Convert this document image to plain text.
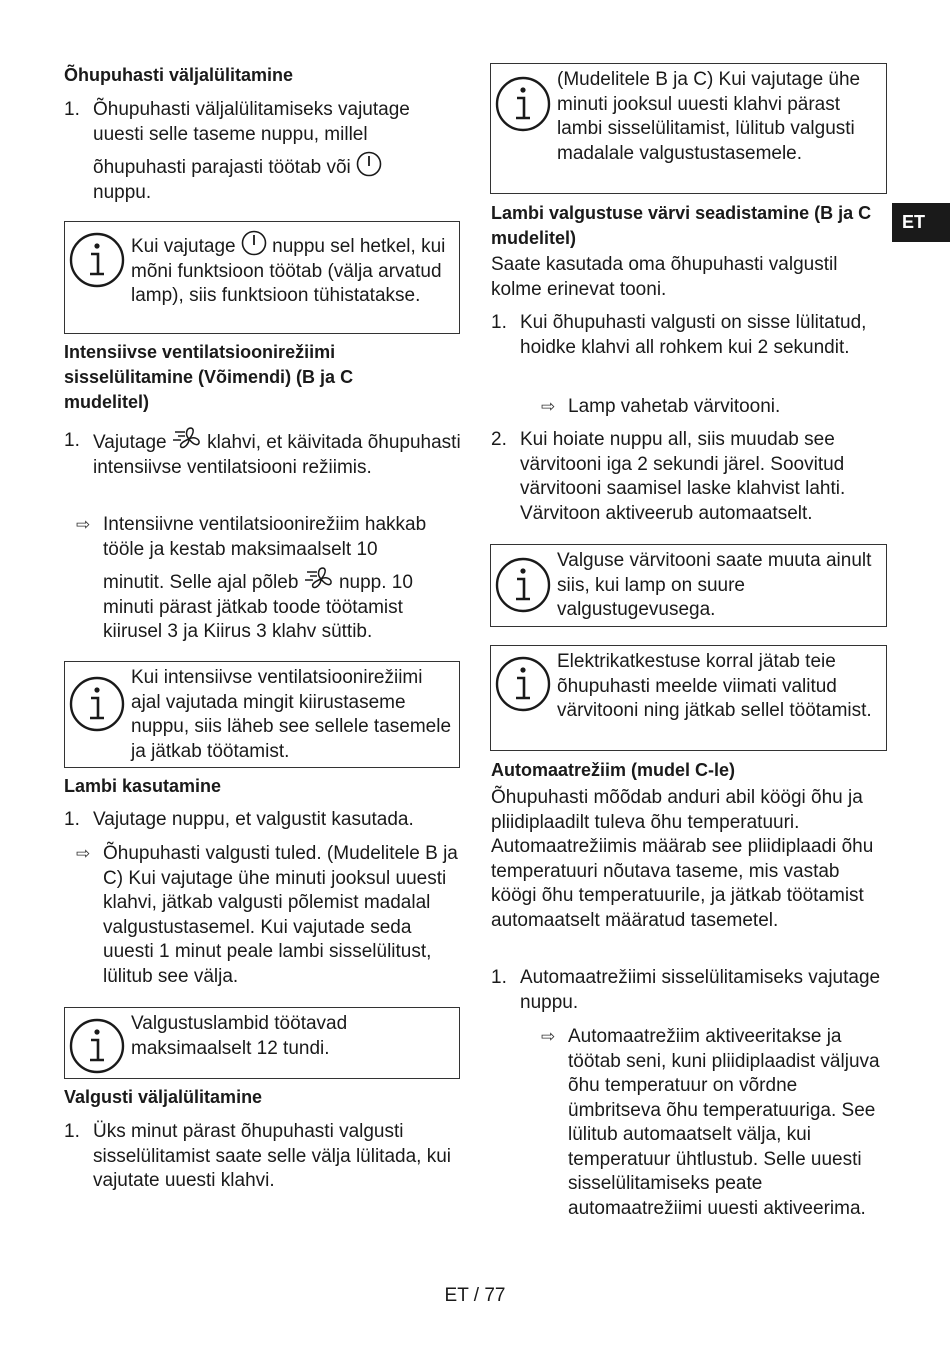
ET
Õhupuhasti väljalülitamine
1. Õhupuhasti väljalülitamiseks vajutage
uuesti selle taseme nuppu, millel
õhupuhasti parajasti töötab või
nuppu.
Kui vajutage nuppu sel hetkel, kui mõni funktsioon töötab (välja arvatud lamp), siis funktsioon tühistatakse.
Intensiivse ventilatsioonirežiimi sisselülitamine (Võimendi) (B ja C mudelitel)
1. Vajutage klahvi, et käivitada õhupuhasti intensiivse ventilatsiooni režiimis.
⇨ Intensiivne ventilatsioonirežiim hakkab
tööle ja kestab maksimaalselt 10
minutit. Selle ajal põleb nupp. 10
minuti pärast jätkab toode töötamist kiirusel 3 ja Kiirus 3 klahv süttib.
Kui intensiivse ventilatsioonirežiimi ajal vajutada mingit kiirustaseme nuppu, siis läheb see sellele tasemele ja jätkab töötamist.
Lambi kasutamine
1. Vajutage nuppu, et valgustit kasutada.
⇨ Õhupuhasti valgusti tuled. (Mudelitele B ja C) Kui vajutage ühe minuti jooksul uuesti klahvi, jätkab valgusti põlemist madalal valgustustasemel. Kui vajutade seda uuesti 1 minut peale lambi sisselülitust, lülitub see välja.
Valgustuslambid töötavad maksimaalselt 12 tundi.
Valgusti väljalülitamine
1. Üks minut pärast õhupuhasti valgusti sisselülitamist saate selle välja lülitada, kui vajutate uuesti klahvi.
(Mudelitele B ja C) Kui vajutage ühe minuti jooksul uuesti klahvi pärast lambi sisselülitamist, lülitub valgusti madalale valgustustasemele.
Lambi valgustuse värvi seadistamine (B ja C mudelitel)
Saate kasutada oma õhupuhasti valgustil kolme erinevat tooni.
1. Kui õhupuhasti valgusti on sisse lülitatud, hoidke klahvi all rohkem kui 2 sekundit.
⇨ Lamp vahetab värvitooni.
2. Kui hoiate nuppu all, siis muudab see värvitooni iga 2 sekundi järel. Soovitud värvitooni saamisel laske klahvist lahti. Värvitoon aktiveerub automaatselt.
Valguse värvitooni saate muuta ainult siis, kui lamp on suure valgustugevusega.
Elektrikatkestuse korral jätab teie õhupuhasti meelde viimati valitud värvitooni ning jätkab sellel töötamist.
Automaatrežiim (mudel C-le)
Õhupuhasti mõõdab anduri abil köögi õhu ja pliidiplaadilt tuleva õhu temperatuuri. Automaatrežiimis määrab see pliidiplaadi õhu temperatuuri nõutava taseme, mis vastab köögi õhu temperatuurile, ja jätkab töötamist automaatselt määratud tasemetel.
1. Automaatrežiimi sisselülitamiseks vajutage nuppu.
⇨ Automaatrežiim aktiveeritakse ja töötab seni, kuni pliidiplaadist väljuva õhu temperatuur on võrdne ümbritseva õhu temperatuuriga. See lülitub automaatselt välja, kui temperatuur ühtlustub. Selle uuesti sisselülitamiseks peate automaatrežiimi uuesti aktiveerima.
ET / 77
